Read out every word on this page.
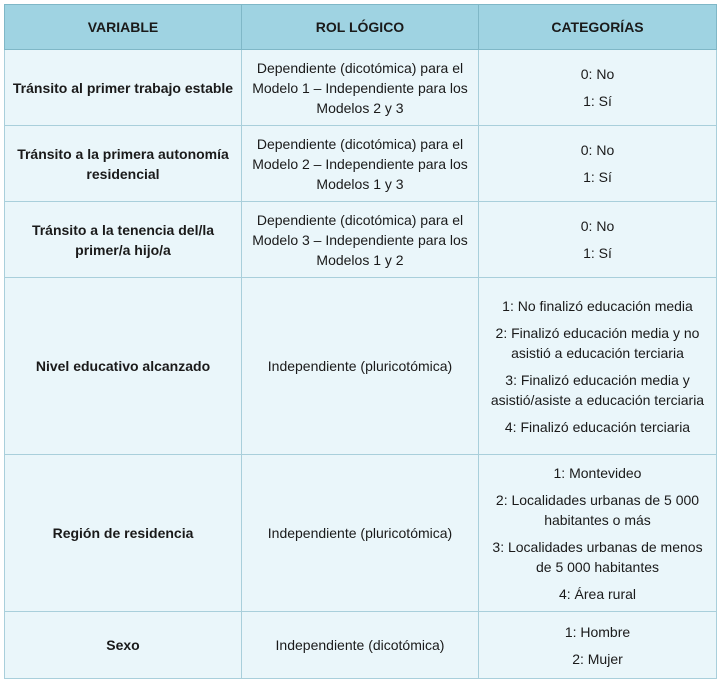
VARIABLE	ROL LÓGICO	CATEGORÍAS
Tránsito al primer trabajo estable	Dependiente (dicotómica) para el Modelo 1 – Independiente para los Modelos 2 y 3	0: No
1: Sí

Tránsito a la primera autonomía residencial	Dependiente (dicotómica) para el Modelo 2 – Independiente para los Modelos 1 y 3	0: No
1: Sí

Tránsito a la tenencia del/la primer/a hijo/a	Dependiente (dicotómica) para el Modelo 3 – Independiente para los Modelos 1 y 2	0: No
1: Sí

Nivel educativo alcanzado	Independiente (pluricotómica)	1: No finalizó educación media
2: Finalizó educación media y no asistió a educación terciaria
3: Finalizó educación media y asistió/asiste a educación terciaria
4: Finalizó educación terciaria

Región de residencia	Independiente (pluricotómica)	1: Montevideo
2: Localidades urbanas de 5 000 habitantes o más
3: Localidades urbanas de menos de 5 000 habitantes
4: Área rural

Sexo	Independiente (dicotómica)	1: Hombre
2: Mujer
